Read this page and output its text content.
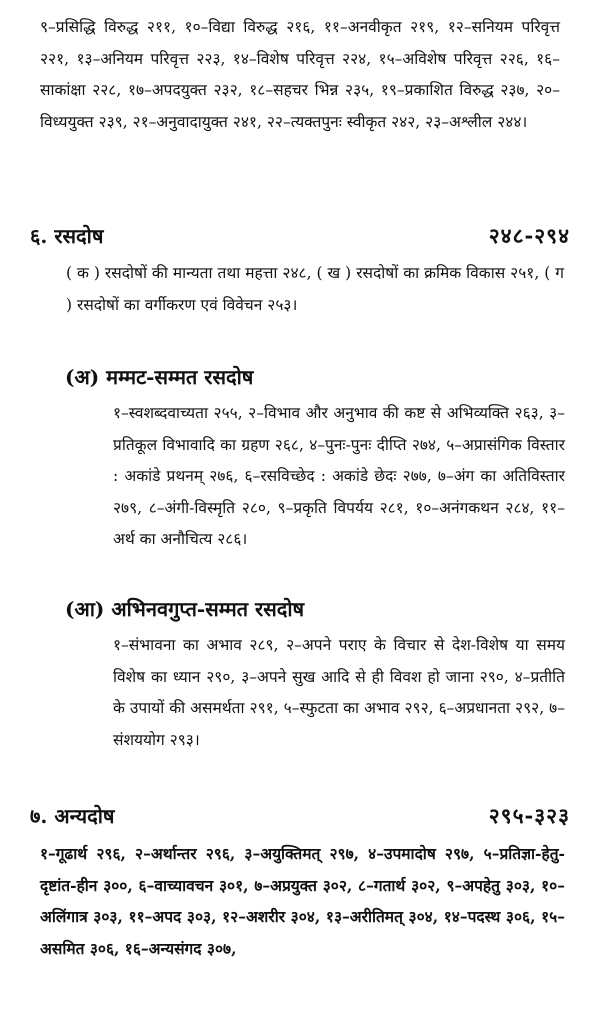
९–प्रसिद्धि विरुद्ध २११, १०–विद्या विरुद्ध २१६, ११–अनवीकृत २१९, १२–सनियम परिवृत्त २२१, १३–अनियम परिवृत्त २२३, १४–विशेष परिवृत्त २२४, १५–अविशेष परिवृत्त २२६, १६–साकांक्षा २२८, १७–अपदयुक्त २३२, १८–सहचर भिन्न २३५, १९–प्रकाशित विरुद्ध २३७, २०–विध्ययुक्त २३९, २१–अनुवादायुक्त २४१, २२–त्यक्तपुनः स्वीकृत २४२, २३–अश्लील २४४।

६. रसदोष	२४८-२९४

( क ) रसदोषों की मान्यता तथा महत्ता २४८, ( ख ) रसदोषों का क्रमिक विकास २५१, ( ग ) रसदोषों का वर्गीकरण एवं विवेचन २५३।

(अ) मम्मट-सम्मत रसदोष

१–स्वशब्दवाच्यता २५५, २–विभाव और अनुभाव की कष्ट से अभिव्यक्ति २६३, ३–प्रतिकूल विभावादि का ग्रहण २६८, ४–पुनः-पुनः दीप्ति २७४, ५–अप्रासंगिक विस्तार : अकांडे प्रथनम् २७६, ६–रसविच्छेद : अकांडे छेदः २७७, ७–अंग का अतिविस्तार २७९, ८–अंगी-विस्मृति २८०, ९–प्रकृति विपर्यय २८१, १०–अनंगकथन २८४, ११–अर्थ का अनौचित्य २८६।

(आ) अभिनवगुप्त-सम्मत रसदोष

१–संभावना का अभाव २८९, २–अपने पराए के विचार से देश-विशेष या समय विशेष का ध्यान २९०, ३–अपने सुख आदि से ही विवश हो जाना २९०, ४–प्रतीति के उपायों की असमर्थता २९१, ५–स्फुटता का अभाव २९२, ६–अप्रधानता २९२, ७–संशययोग २९३।

७. अन्यदोष	२९५-३२३

१–गूढार्थ २९६, २–अर्थान्तर २९६, ३–अयुक्तिमत् २९७, ४–उपमादोष २९७, ५–प्रतिज्ञा-हेतु-दृष्टांत-हीन ३००, ६–वाच्यावचन ३०१, ७–अप्रयुक्त ३०२, ८–गतार्थ ३०२, ९–अपहेतु ३०३, १०–अलिंगात्र ३०३, ११–अपद ३०३, १२–अशरीर ३०४, १३–अरीतिमत् ३०४, १४–पदस्थ ३०६, १५–असमित ३०६, १६–अन्यसंगद ३०७,
